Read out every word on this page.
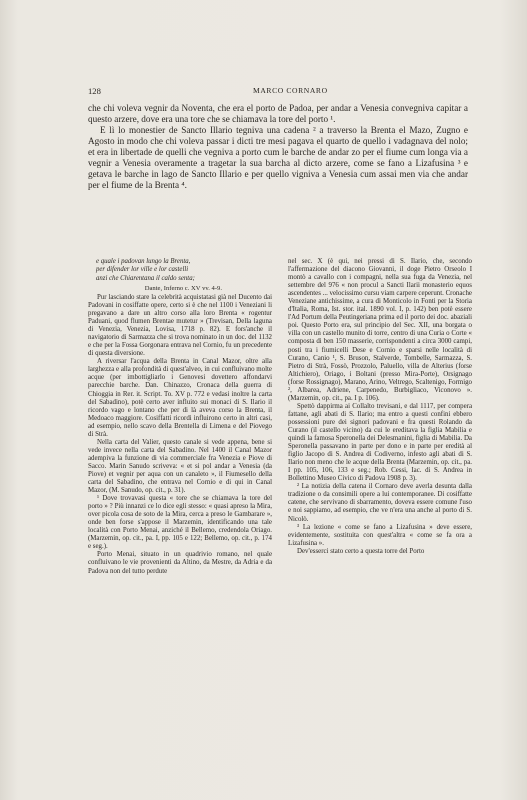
128	MARCO CORNARO

che chi voleva vegnir da Noventa, che era el porto de Padoa, per andar a Venesia convegniva capitar a questo arzere, dove era una tore che se chiamava la tore del porto ¹.

E lì lo monestier de Sancto Illario tegniva una cadena ² a traverso la Brenta el Mazo, Zugno e Agosto in modo che chi voleva passar i dicti tre mesi pagava el quarto de quello i vadagnava del nolo; et era in libertade de quelli che vegniva a porto cum le barche de andar zo per el fiume cum longa via a vegnir a Venesia overamente a tragetar la sua barcha al dicto arzere, come se fano a Lizafusina ³ e getava le barche in lago de Sancto Illario e per quello vigniva a Venesia cum assai men via che andar per el fiume de la Brenta ⁴.

e quale i padovan lungo la Brenta,
per difender lor ville e lor castelli
anzi che Chiarentana il caldo senta;
Dante, Inferno c. XV vv. 4-9.

Pur lasciando stare la celebrità acquistatasi già nel Ducento dai Padovani in cosiffatte opere, certo si è che nel 1100 i Veneziani li pregavano a dare un altro corso alla loro Brenta « rogentur Paduani, quod flumen Brentae mutetur » (Trevisan, Della laguna di Venezia, Venezia, Lovisa, 1718 p. 82). E fors'anche il navigatorio di Sarmazza che si trova nominato in un doc. del 1132 e che per la Fossa Gorgonara entrava nel Cornio, fu un precedente di questa diversione.

A riversar l'acqua della Brenta in Canal Mazor, oltre alla larghezza e alla profondità di quest'alveo, in cui confluivano molte acque (per imbottigliarlo i Genovesi dovettero affondarvi parecchie barche. Dan. Chinazzo, Cronaca della guerra di Chioggia in Rer. it. Script. To. XV p. 772 e vedasi inoltre la carta del Sabadino), potè certo aver influito sui monaci di S. Ilario il ricordo vago e lontano che per di là aveva corso la Brenta, il Medoaco maggiore. Cosiffatti ricordi influirono certo in altri casi, ad esempio, nello scavo della Brentella di Limena e del Piovego di Strà.

Nella carta del Valier, questo canale si vede appena, bene si vede invece nella carta del Sabadino. Nel 1400 il Canal Mazor adempiva la funzione di via commerciale fra Venezia e Piove di Sacco. Marin Sanudo scriveva: « et si pol andar a Venesia (da Piove) et vegnir per aqua con un canaleto », il Fiumesello della carta del Sabadino, che entrava nel Cornio e di qui in Canal Mazor, (M. Sanudo, op. cit., p. 31).

¹ Dove trovavasi questa « tore che se chiamava la tore del porto » ? Più innanzi ce lo dice egli stesso: « quasi apreso la Mira, over picola cosa de soto de la Mira, cerca a preso le Gambarare », onde ben forse s'appose il Marzemin, identificando una tale località con Porto Menai, anziché il Bellemo, credendola Oriago. (Marzemin, op. cit., pa. I, pp. 105 e 122; Bellemo, op. cit., p. 174 e seg.).

Porto Menai, situato in un quadrivio romano, nel quale confluivano le vie provenienti da Altino, da Mestre, da Adria e da Padova non del tutto perdute

nel sec. X (è qui, nei pressi di S. Ilario, che, secondo l'affermazione del diacono Giovanni, il doge Pietro Orseolo I montò a cavallo con i compagni, nella sua fuga da Venezia, nel settembre del 976 « non procul a Sancti Ilarii monasterio equos ascendentes ... velocissimo cursu viam carpere ceperunt. Cronache Veneziane antichissime, a cura di Monticolo in Fonti per la Storia d'Italia, Roma, Ist. stor. ital. 1890 vol. I, p. 142) ben potè essere l'Ad Portum della Peutingeriana prima ed il porto dei doc. abaziali poi. Questo Porto era, sul principio del Sec. XII, una borgata o villa con un castello munito di torre, centro di una Curia o Corte « composta di ben 150 masserie, corrispondenti a circa 3000 campi, posti tra i fiumicelli Dese e Cornio e sparsi nelle località di Curano, Canio ¹, S. Bruson, Stalverde, Tombelle, Sarmazza, S. Pietro di Strà, Fossò, Prozzolo, Paluello, villa de Alterius (forse Altichiero), Oriago, i Boltani (presso Mira-Porte), Orsignago (forse Rossignago), Marano, Arino, Veltrego, Scaltenigo, Formigo ², Albarea, Adriene, Carpenedo, Burbigliaco, Viconovo ». (Marzemin, op. cit., pa. I p. 106).

Spettò dappirma ai Collalto trevisani, e dal 1117, per compera fattane, agli abati di S. Ilario; ma entro a questi confini ebbero possessioni pure dei signori padovani e fra questi Rolando da Curano (il castello vicino) da cui le ereditava la figlia Mabilia e quindi la famosa Speronella dei Delesmanini, figlia di Mabilia. Da Speronella passavano in parte per dono e in parte per eredità al figlio Jacopo di S. Andrea di Codiverno, infesto agli abati di S. Ilario non meno che le acque della Brenta (Marzemin, op. cit., pa. I pp. 105, 106, 133 e seg.; Rob. Cessi, Iac. di S. Andrea in Bollettino Museo Civico di Padova 1908 p. 3).

² La notizia della catena il Cornaro deve averla desunta dalla tradizione o da consimili opere a lui contemporanee. Di cosiffatte catene, che servivano di sbarramento, doveva essere comune l'uso e noi sappiamo, ad esempio, che ve n'era una anche al porto di S. Nicolò.

³ La lezione « come se fano a Lizafusina » deve essere, evidentemente, sostituita con quest'altra « come se fa ora a Lizafusina ».

Dev'esserci stato certo a questa torre del Porto
